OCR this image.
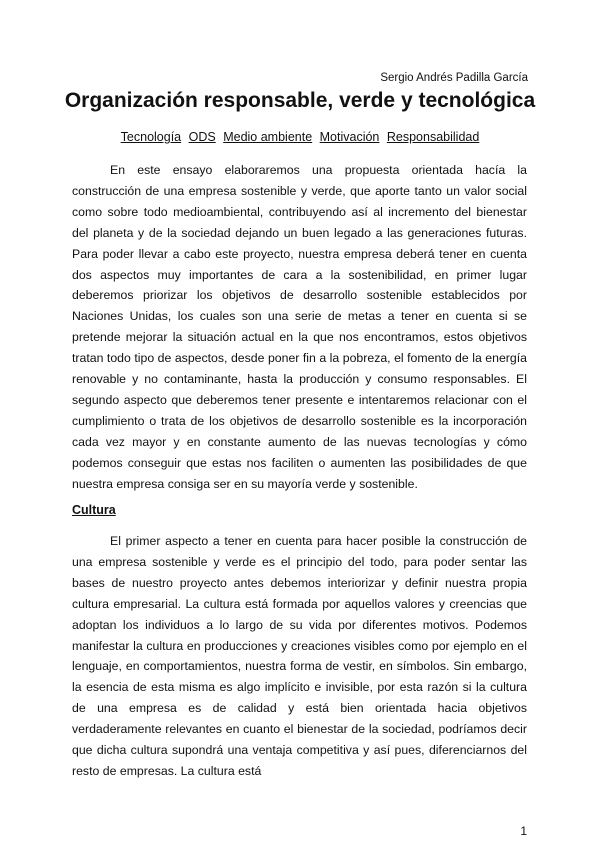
Sergio Andrés Padilla García
Organización responsable, verde y tecnológica
Tecnología ODS Medio ambiente Motivación Responsabilidad

En este ensayo elaboraremos una propuesta orientada hacía la construcción de una empresa sostenible y verde, que aporte tanto un valor social como sobre todo medioambiental, contribuyendo así al incremento del bienestar del planeta y de la sociedad dejando un buen legado a las generaciones futuras. Para poder llevar a cabo este proyecto, nuestra empresa deberá tener en cuenta dos aspectos muy importantes de cara a la sostenibilidad, en primer lugar deberemos priorizar los objetivos de desarrollo sostenible establecidos por Naciones Unidas, los cuales son una serie de metas a tener en cuenta si se pretende mejorar la situación actual en la que nos encontramos, estos objetivos tratan todo tipo de aspectos, desde poner fin a la pobreza, el fomento de la energía renovable y no contaminante, hasta la producción y consumo responsables. El segundo aspecto que deberemos tener presente e intentaremos relacionar con el cumplimiento o trata de los objetivos de desarrollo sostenible es la incorporación cada vez mayor y en constante aumento de las nuevas tecnologías y cómo podemos conseguir que estas nos faciliten o aumenten las posibilidades de que nuestra empresa consiga ser en su mayoría verde y sostenible.

Cultura

El primer aspecto a tener en cuenta para hacer posible la construcción de una empresa sostenible y verde es el principio del todo, para poder sentar las bases de nuestro proyecto antes debemos interiorizar y definir nuestra propia cultura empresarial. La cultura está formada por aquellos valores y creencias que adoptan los individuos a lo largo de su vida por diferentes motivos. Podemos manifestar la cultura en producciones y creaciones visibles como por ejemplo en el lenguaje, en comportamientos, nuestra forma de vestir, en símbolos. Sin embargo, la esencia de esta misma es algo implícito e invisible, por esta razón si la cultura de una empresa es de calidad y está bien orientada hacia objetivos verdaderamente relevantes en cuanto el bienestar de la sociedad, podríamos decir que dicha cultura supondrá una ventaja competitiva y así pues, diferenciarnos del resto de empresas. La cultura está

1
